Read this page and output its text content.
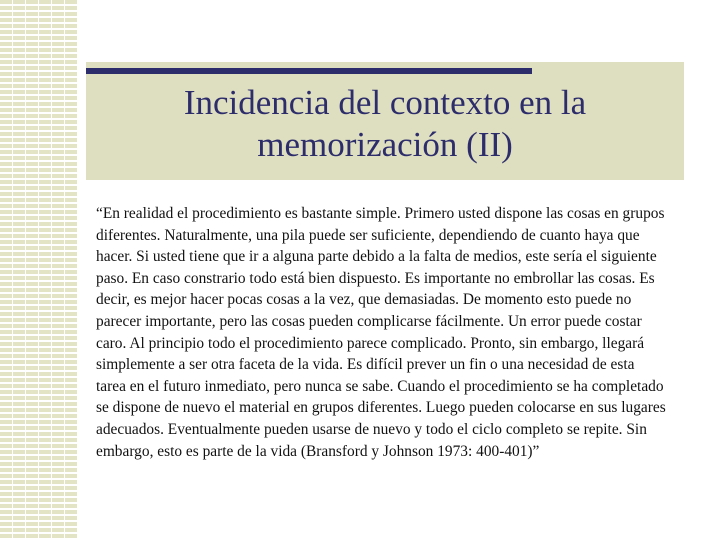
Incidencia del contexto en la
memorización (II)

“En realidad el procedimiento es bastante simple. Primero usted dispone las cosas en grupos diferentes. Naturalmente, una pila puede ser suficiente, dependiendo de cuanto haya que hacer. Si usted tiene que ir a alguna parte debido a la falta de medios, este sería el siguiente paso. En caso constrario todo está bien dispuesto. Es importante no embrollar las cosas. Es decir, es mejor hacer pocas cosas a la vez, que demasiadas. De momento esto puede no parecer importante, pero las cosas pueden complicarse fácilmente. Un error puede costar caro. Al principio todo el procedimiento parece complicado. Pronto, sin embargo, llegará simplemente a ser otra faceta de la vida. Es difícil prever un fin o una necesidad de esta tarea en el futuro inmediato, pero nunca se sabe. Cuando el procedimiento se ha completado se dispone de nuevo el material en grupos diferentes. Luego pueden colocarse en sus lugares adecuados. Eventualmente pueden usarse de nuevo y todo el ciclo completo se repite. Sin embargo, esto es parte de la vida (Bransford y Johnson 1973: 400-401)”
